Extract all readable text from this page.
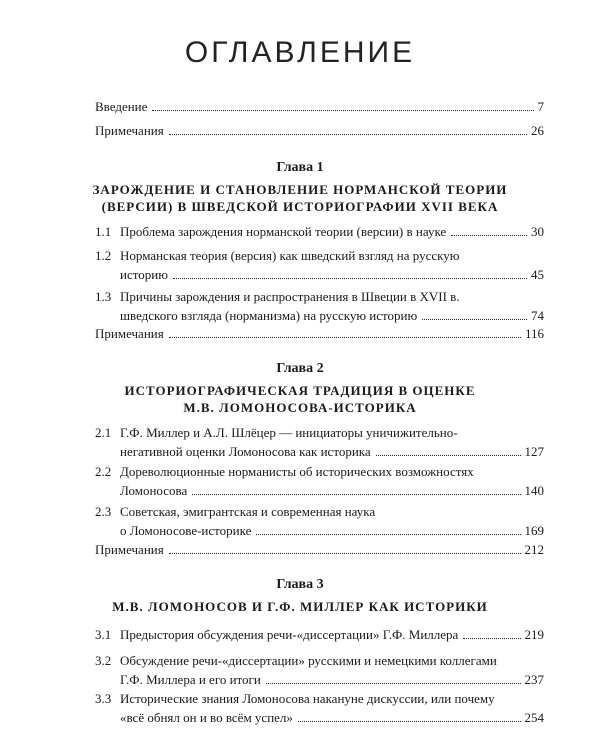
ОГЛАВЛЕНИЕ
Введение	7
Примечания	26
Глава 1
ЗАРОЖДЕНИЕ И СТАНОВЛЕНИЕ НОРМАНСКОЙ ТЕОРИИ
(ВЕРСИИ) В ШВЕДСКОЙ ИСТОРИОГРАФИИ XVII ВЕКА
1.1 Проблема зарождения норманской теории (версии) в науке	30
1.2 Норманская теория (версия) как шведский взгляд на русскую
историю	45
1.3 Причины зарождения и распространения в Швеции в XVII в.
шведского взгляда (норманизма) на русскую историю	74
Примечания	116
Глава 2
ИСТОРИОГРАФИЧЕСКАЯ ТРАДИЦИЯ В ОЦЕНКЕ
М.В. ЛОМОНОСОВА-ИСТОРИКА
2.1 Г.Ф. Миллер и А.Л. Шлёцер — инициаторы уничижительно-
негативной оценки Ломоносова как историка	127
2.2 Дореволюционные норманисты об исторических возможностях
Ломоносова	140
2.3 Советская, эмигрантская и современная наука
о Ломоносове-историке	169
Примечания	212
Глава 3
М.В. ЛОМОНОСОВ И Г.Ф. МИЛЛЕР КАК ИСТОРИКИ
3.1 Предыстория обсуждения речи-«диссертации» Г.Ф. Миллера	219
3.2 Обсуждение речи-«диссертации» русскими и немецкими коллегами
Г.Ф. Миллера и его итоги	237
3.3 Исторические знания Ломоносова накануне дискуссии, или почему
«всё обнял он и во всём успел»	254
